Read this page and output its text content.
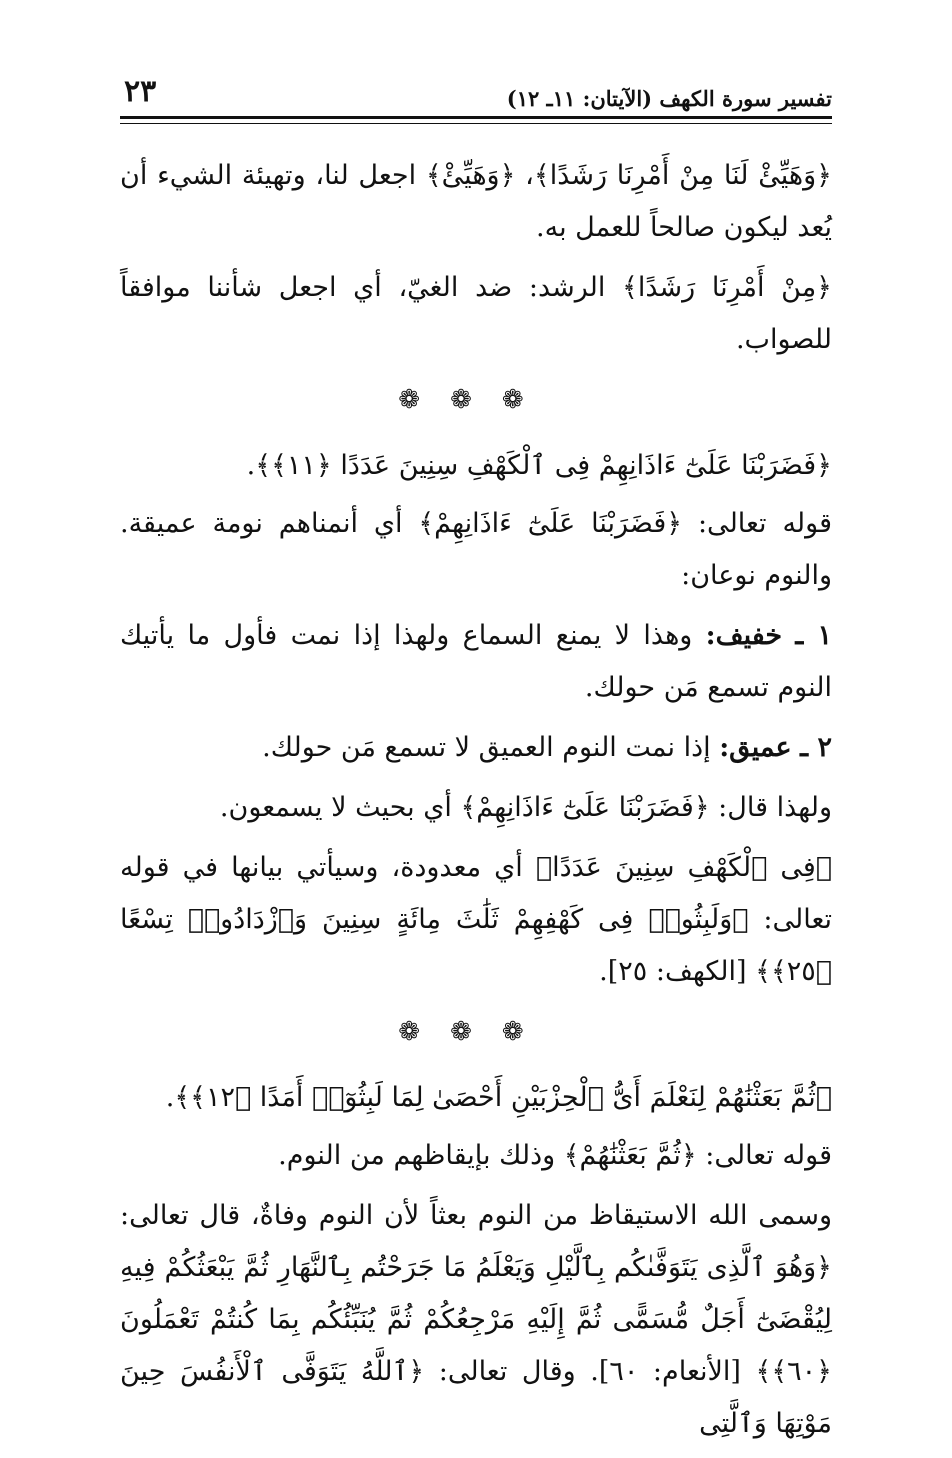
تفسير سورة الكهف (الآيتان: ١١ـ ١٢)
٢٣

﴿وَهَيِّئْ لَنَا مِنْ أَمْرِنَا رَشَدًا﴾، ﴿وَهَيِّئْ﴾ اجعل لنا، وتهيئة الشيء أن يُعد ليكون صالحاً للعمل به.

﴿مِنْ أَمْرِنَا رَشَدًا﴾ الرشد: ضد الغيّ، أي اجعل شأننا موافقاً للصواب.

❁❁❁
﴿فَضَرَبْنَا عَلَىٰٓ ءَاذَانِهِمْ فِى ٱلْكَهْفِ سِنِينَ عَدَدًا ﴿١١﴾﴾.

قوله تعالى: ﴿فَضَرَبْنَا عَلَىٰٓ ءَاذَانِهِمْ﴾ أي أنمناهم نومة عميقة. والنوم نوعان:

١ ـ خفيف: وهذا لا يمنع السماع ولهذا إذا نمت فأول ما يأتيك النوم تسمع مَن حولك.

٢ ـ عميق: إذا نمت النوم العميق لا تسمع مَن حولك.

ولهذا قال: ﴿فَضَرَبْنَا عَلَىٰٓ ءَاذَانِهِمْ﴾ أي بحيث لا يسمعون.

﴿فِى ٱلْكَهْفِ سِنِينَ عَدَدًا﴾ أي معدودة، وسيأتي بيانها في قوله تعالى: ﴿وَلَبِثُوا۟ فِى كَهْفِهِمْ ثَلَٰثَ مِائَةٍ سِنِينَ وَٱزْدَادُوا۟ تِسْعًا ﴿٢٥﴾﴾ [الكهف: ٢٥].

❁❁❁
﴿ثُمَّ بَعَثْنَٰهُمْ لِنَعْلَمَ أَىُّ ٱلْحِزْبَيْنِ أَحْصَىٰ لِمَا لَبِثُوٓا۟ أَمَدًا ﴿١٢﴾﴾.

قوله تعالى: ﴿ثُمَّ بَعَثْنَٰهُمْ﴾ وذلك بإيقاظهم من النوم.

وسمى الله الاستيقاظ من النوم بعثاً لأن النوم وفاةٌ، قال تعالى: ﴿وَهُوَ ٱلَّذِى يَتَوَفَّىٰكُم بِٱلَّيْلِ وَيَعْلَمُ مَا جَرَحْتُم بِٱلنَّهَارِ ثُمَّ يَبْعَثُكُمْ فِيهِ لِيُقْضَىٰٓ أَجَلٌ مُّسَمًّى ثُمَّ إِلَيْهِ مَرْجِعُكُمْ ثُمَّ يُنَبِّئُكُم بِمَا كُنتُمْ تَعْمَلُونَ ﴿٦٠﴾﴾ [الأنعام: ٦٠]. وقال تعالى: ﴿ٱللَّهُ يَتَوَفَّى ٱلْأَنفُسَ حِينَ مَوْتِهَا وَٱلَّتِى
